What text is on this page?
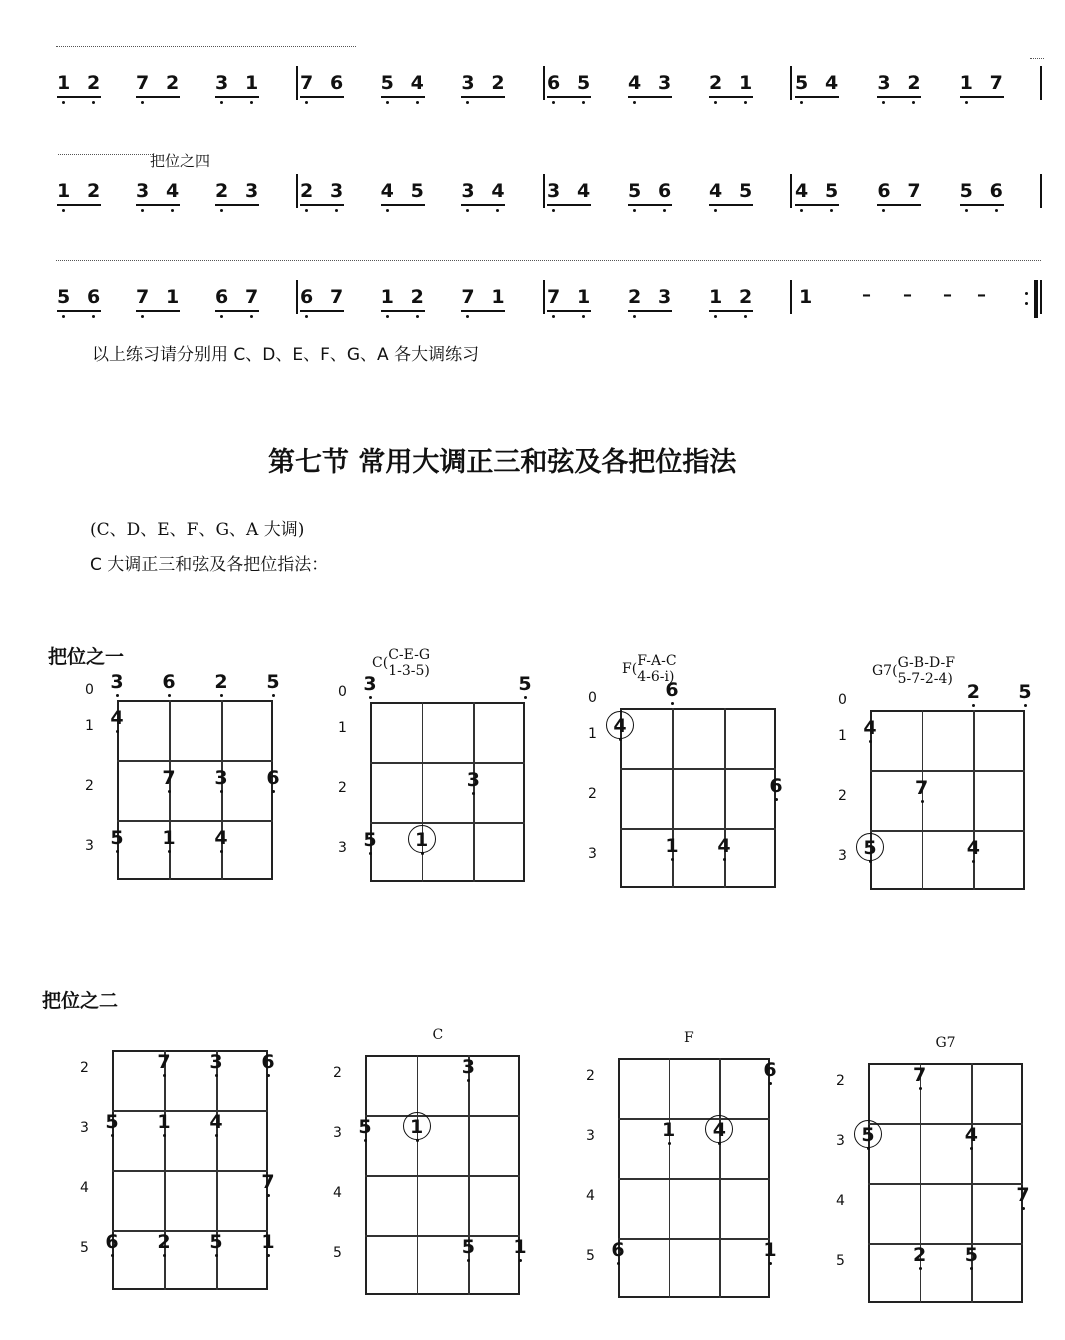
1 2 7 2 3 1 7 6 5 4 3 2 6 5 4 3 2 1 5 4 3 2 1 7
把位之四
1 2 3 4 2 3 2 3 4 5 3 4 3 4 5 6 4 5 4 5 6 7 5 6
5 6 7 1 6 7 6 7 1 2 7 1 7 1 2 3 1 2 1	– – – –
以上练习请分别用 C、D、E、F、G、A 各大调练习
第七节 常用大调正三和弦及各把位指法
(C、D、E、F、G、A 大调)
C 大调正三和弦及各把位指法：
把位之一
把位之二
0
1
2
3
3 6 2 5
4
7 3 6
5 1 4
0
1
2
3
C( C-E-G
1-3-5)
3	5
3
5 1
0
1
2
3
F( F-A-C
4-6-i)
6
4
6
1 4
0
1
2
3
G7( G-B-D-F
5-7-2-4)
2 5
4
7
5	4
2
3
4
5
7 3 6
5 1 4
7
6 2 5 1
2
3
4
5
C
3
5 1
5 1
2
3
4
5
F
6
1 4
6	1
2
3
4
5
G7
7
5	4
7
2 5
